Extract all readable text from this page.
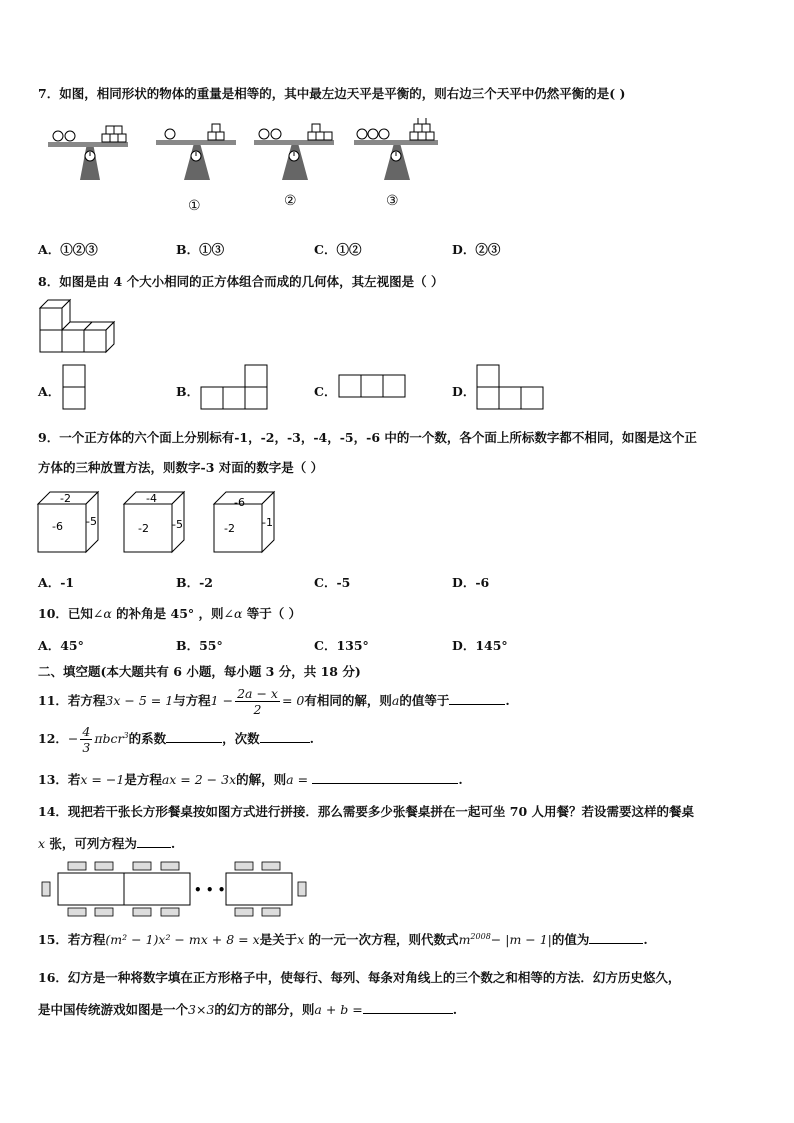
7．如图，相同形状的物体的重量是相等的，其中最左边天平是平衡的，则右边三个天平中仍然平衡的是( )
①	②	③
A．①②③	B．①③	C．①②	D．②③
8．如图是由 4 个大小相同的正方体组合而成的几何体，其左视图是（ ）
A．	B．	C．	D．
9．一个正方体的六个面上分别标有-1，-2，-3，-4，-5，-6 中的一个数，各个面上所标数字都不相同，如图是这个正
方体的三种放置方法，则数字-3 对面的数字是（ ）
-2
-6 -5
-4
-2 -5
-6
-2 -1
A．-1	B．-2	C．-5	D．-6
10．已知∠α 的补角是 45° ，则∠α 等于（ ）
A．45°	B．55°	C．135°	D．145°
二、填空题(本大题共有 6 小题，每小题 3 分，共 18 分)
11．若方程3x − 5 = 1与方程$1 - \frac{2a - x}{2} = 0$有相同的解，则a的值等于	.
12．− $\frac{4}{3} \pi bcr^3$的系数	，次数	.
13．若x = −1是方程ax = 2 − 3x的解，则a =	.
14．现把若干张长方形餐桌按如图方式进行拼接．那么需要多少张餐桌拼在一起可坐 70 人用餐？若设需要这样的餐桌
x 张，可列方程为	.
• • •
15．若方程(m² − 1)x² − mx + 8 = x是关于x 的一元一次方程，则代数式$m^{2008}- |m - 1|$的值为	.
16．幻方是一种将数字填在正方形格子中，使每行、每列、每条对角线上的三个数之和相等的方法．幻方历史悠久，
是中国传统游戏如图是一个3×3的幻方的部分，则a + b =	.
